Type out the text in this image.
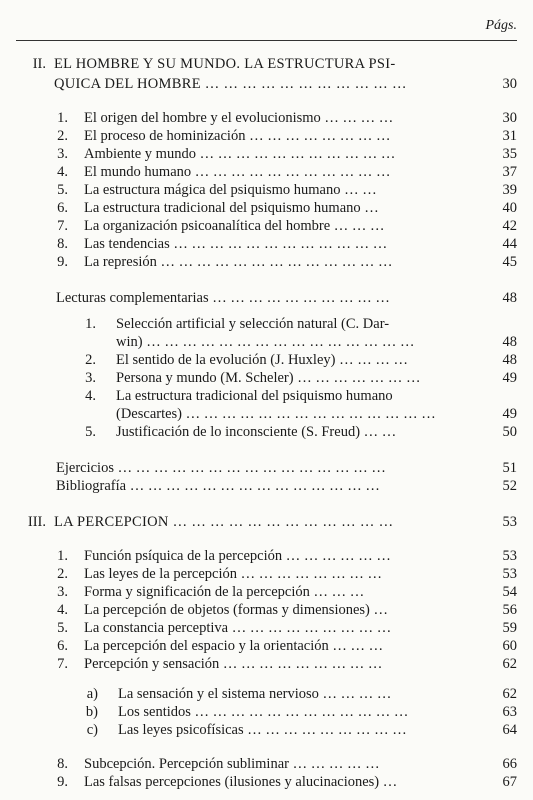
Págs.
II. EL HOMBRE Y SU MUNDO. LA ESTRUCTURA PSI-
QUICA DEL HOMBRE … … … … … … … … … … …	30
1. El origen del hombre y el evolucionismo … … … …	30
2. El proceso de hominización … … … … … … … …	31
3. Ambiente y mundo … … … … … … … … … … …	35
4. El mundo humano … … … … … … … … … … …	37
5. La estructura mágica del psiquismo humano … …	39
6. La estructura tradicional del psiquismo humano …	40
7. La organización psicoanalítica del hombre … … …	42
8. Las tendencias … … … … … … … … … … … …	44
9. La represión … … … … … … … … … … … … …	45
Lecturas complementarias … … … … … … … … … …	48
1. Selección artificial y selección natural (C. Dar-
win) … … … … … … … … … … … … … … …	48
2. El sentido de la evolución (J. Huxley) … … … …	48
3. Persona y mundo (M. Scheler) … … … … … … …	49
4. La estructura tradicional del psiquismo humano
(Descartes) … … … … … … … … … … … … … …	49
5. Justificación de lo inconsciente (S. Freud) … …	50
Ejercicios … … … … … … … … … … … … … … …	51
Bibliografía … … … … … … … … … … … … … …	52
III. LA PERCEPCION … … … … … … … … … … … …	53
1. Función psíquica de la percepción … … … … … …	53
2. Las leyes de la percepción … … … … … … … …	53
3. Forma y significación de la percepción … … …	54
4. La percepción de objetos (formas y dimensiones) …	56
5. La constancia perceptiva … … … … … … … … …	59
6. La percepción del espacio y la orientación … … …	60
7. Percepción y sensación … … … … … … … … …	62
a) La sensación y el sistema nervioso … … … …	62
b) Los sentidos … … … … … … … … … … … …	63
c) Las leyes psicofísicas … … … … … … … … …	64
8. Subcepción. Percepción subliminar … … … … …	66
9. Las falsas percepciones (ilusiones y alucinaciones) …	67
